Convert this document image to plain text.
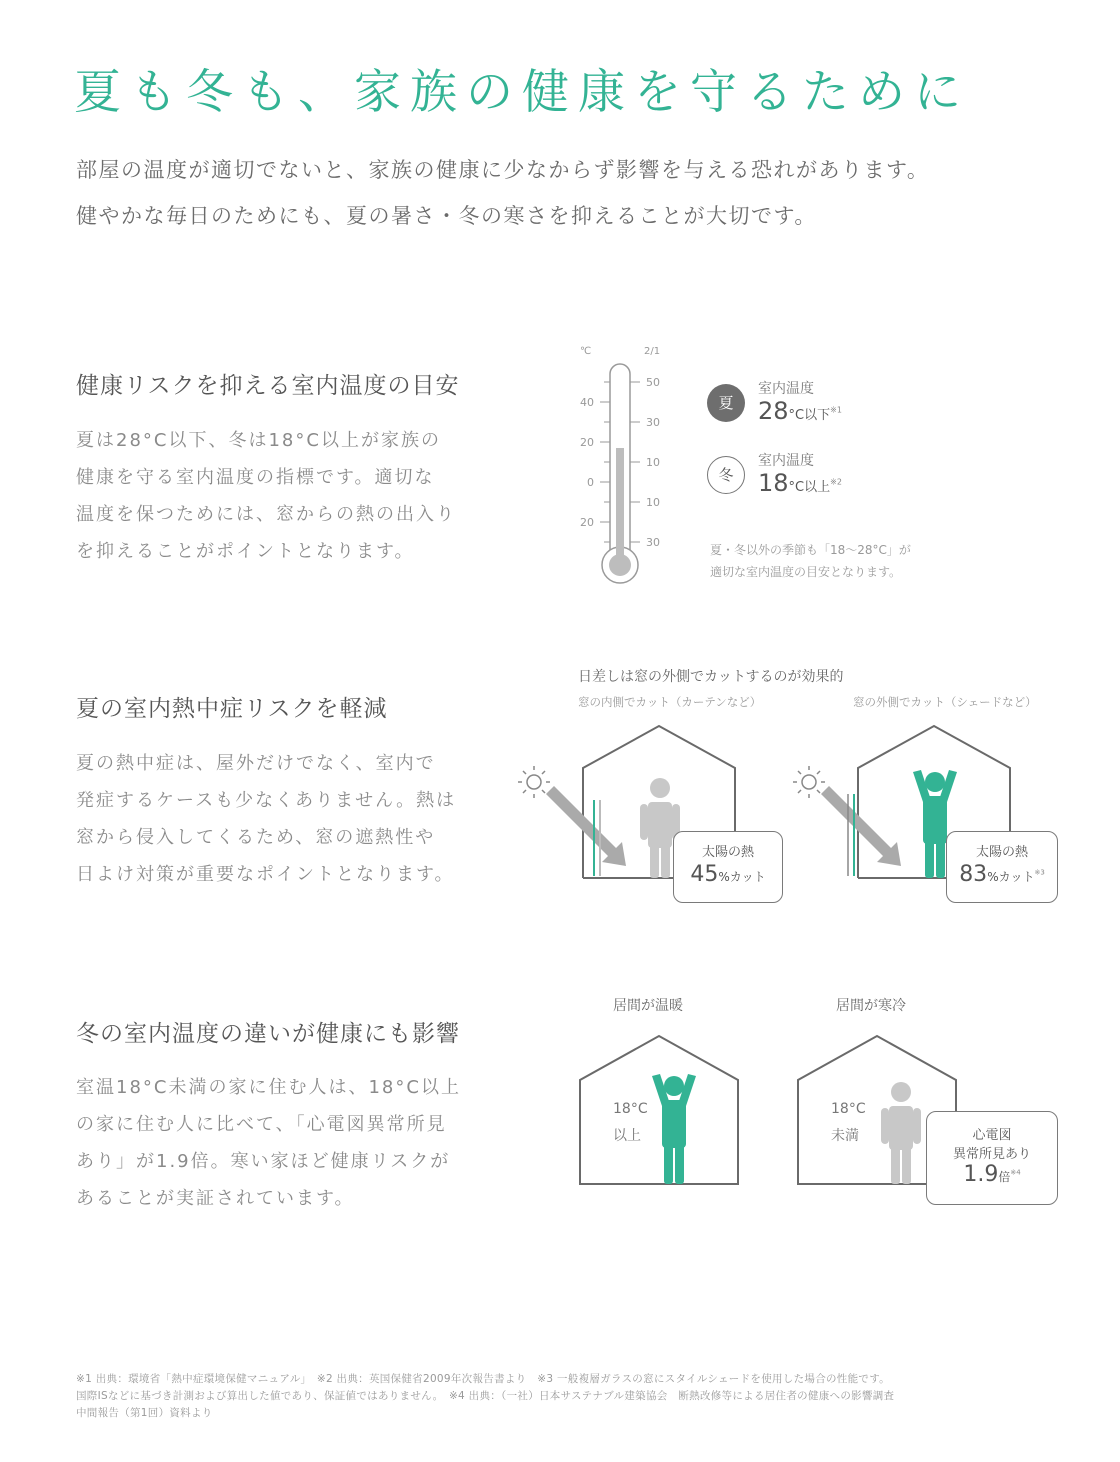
夏も冬も、家族の健康を守るために
部屋の温度が適切でないと、家族の健康に少なからず影響を与える恐れがあります。
健やかな毎日のためにも、夏の暑さ・冬の寒さを抑えることが大切です。
健康リスクを抑える室内温度の目安
夏は28°C以下、冬は18°C以上が家族の
健康を守る室内温度の指標です。適切な
温度を保つためには、窓からの熱の出入り
を抑えることがポイントとなります。
℃	2/1
40
20
0
20
50
30
10
10
30
夏
室内温度
28°C以下$^{※1}$
冬
室内温度
18°C以上$^{※2}$
夏・冬以外の季節も「18〜28°C」が
適切な室内温度の目安となります。
夏の室内熱中症リスクを軽減
夏の熱中症は、屋外だけでなく、室内で
発症するケースも少なくありません。熱は
窓から侵入してくるため、窓の遮熱性や
日よけ対策が重要なポイントとなります。
日差しは窓の外側でカットするのが効果的
窓の内側でカット（カーテンなど）	窓の外側でカット（シェードなど）
太陽の熱
45%カット
太陽の熱
83%カット$^{※3}$
冬の室内温度の違いが健康にも影響
室温18°C未満の家に住む人は、18°C以上
の家に住む人に比べて、「心電図異常所見
あり」が1.9倍。寒い家ほど健康リスクが
あることが実証されています。
居間が温暖	居間が寒冷
18°C
以上
18°C
未満	心電図
異常所見あり
1.9倍$^{※4}$
※1 出典：環境省「熱中症環境保健マニュアル」　※2 出典：英国保健省2009年次報告書より　※3 一般複層ガラスの窓にスタイルシェードを使用した場合の性能です。
国際ISなどに基づき計測および算出した値であり、保証値ではありません。　※4 出典：（一社）日本サステナブル建築協会　断熱改修等による居住者の健康への影響調査
中間報告（第1回）資料より
